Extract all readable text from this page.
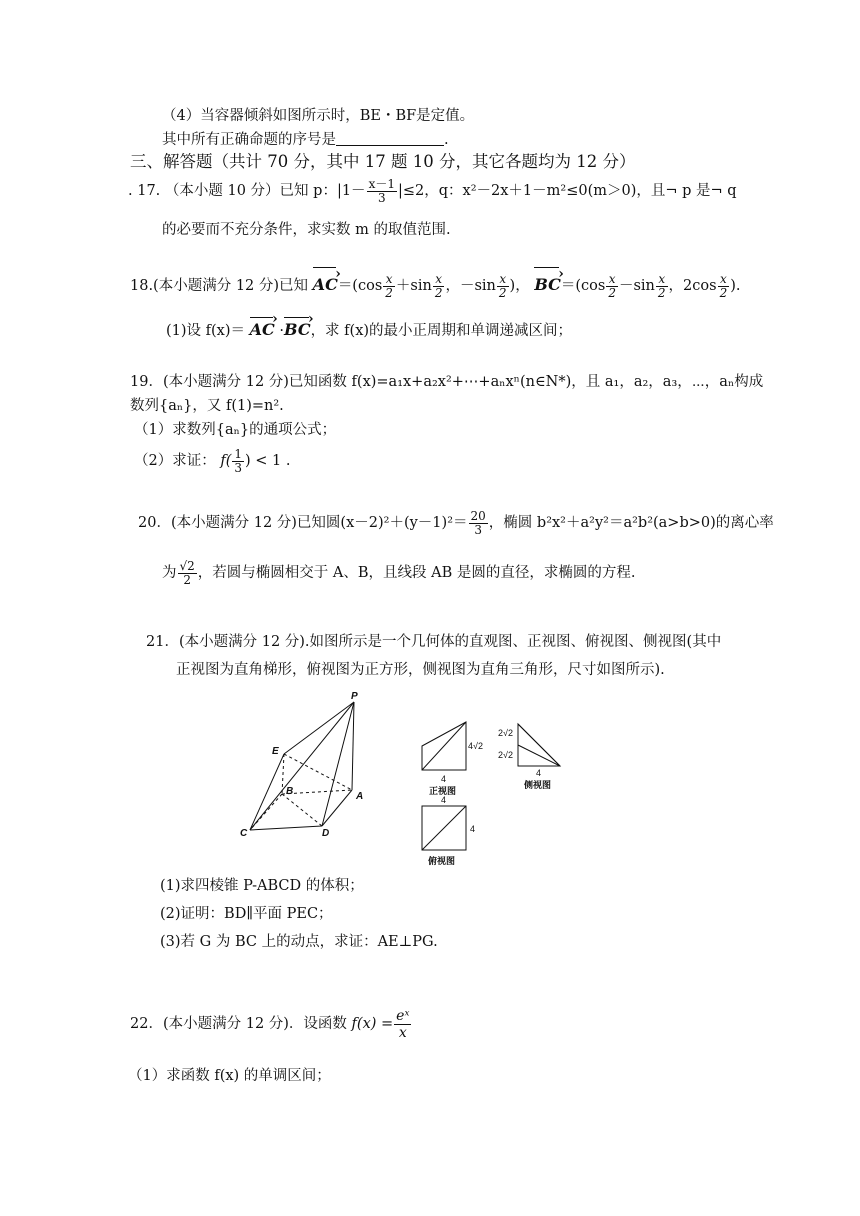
（4）当容器倾斜如图所示时，BE・BF是定值。
其中所有正确命题的序号是	.
三、解答题（共计 70 分，其中 17 题 10 分，其它各题均为 12 分）
. 17. （本小题 10 分）已知 p：$|1- \frac{x-1}{3} |\le 2$，q：x²－2x＋1－m²≤0(m＞0)，且¬ p 是¬ q
的必要而不充分条件，求实数 m 的取值范围.
18.(本小题满分 12 分)已知 AC ›＝(cos $\frac{x}{2} +\sin \frac{x}{2}$ ，$-\sin \frac{x}{2}$ )， BC ›＝(cos $\frac{x}{2} -\sin \frac{x}{2}$ ，$2\cos \frac{x}{2}$ ).
(1)设 f(x)＝ AC › ·BC ›，求 f(x)的最小正周期和单调递减区间；
19．(本小题满分 12 分)已知函数 f(x)=a₁x+a₂x²+⋯+aₙxⁿ(n∈N*)，且 a₁，a₂，a₃，⋯，aₙ构成
数列{aₙ}，又 f(1)=n².
（1）求数列{aₙ}的通项公式；
（2）求证： $f( \frac{1}{3}$ ) < 1 .
20．(本小题满分 12 分)已知圆$(x-2)^2+(y-1)^2= \frac{20}{3}$ ，椭圆 b²x²＋a²y²＝a²b²(a>b>0)的离心率
为 $\frac{√2}{2}$ ，若圆与椭圆相交于 A、B，且线段 AB 是圆的直径，求椭圆的方程.
21．(本小题满分 12 分).如图所示是一个几何体的直观图、正视图、俯视图、侧视图(其中
正视图为直角梯形，俯视图为正方形，侧视图为直角三角形，尺寸如图所示).
P
E
B	A
C	D
4√2
4
正视图
2√2
2√2
4
侧视图
4
4
俯视图
(1)求四棱锥 P-ABCD 的体积；
(2)证明：BD∥平面 PEC；
(3)若 G 为 BC 上的动点，求证：AE⊥PG.
22．(本小题满分 12 分)．设函数 $f(x) = \frac{\text{eˣ}}{x}$
（1）求函数 f(x) 的单调区间；
